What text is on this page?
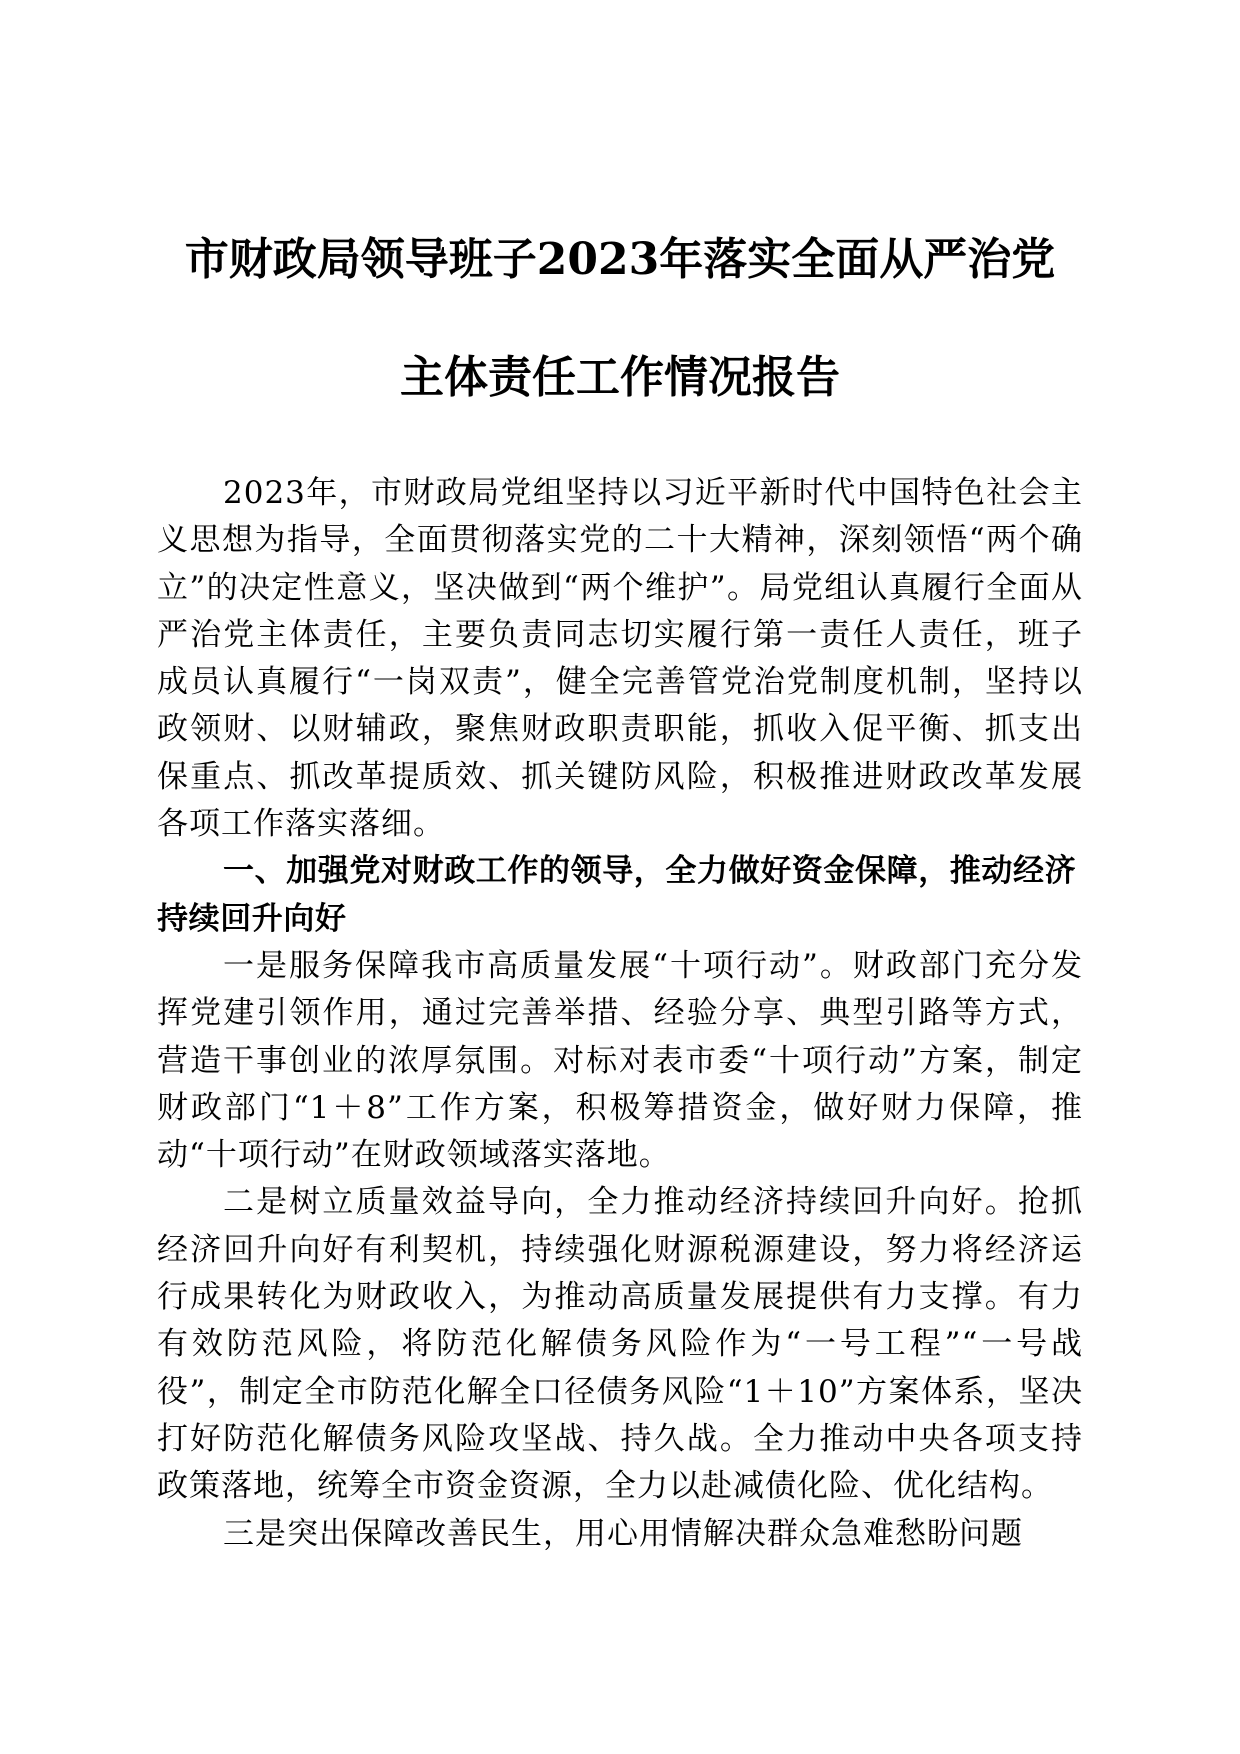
市财政局领导班子2023年落实全面从严治党
主体责任工作情况报告

2023年，市财政局党组坚持以习近平新时代中国特色社会主义思想为指导，全面贯彻落实党的二十大精神，深刻领悟“两个确立”的决定性意义，坚决做到“两个维护”。局党组认真履行全面从严治党主体责任，主要负责同志切实履行第一责任人责任，班子成员认真履行“一岗双责”，健全完善管党治党制度机制，坚持以政领财、以财辅政，聚焦财政职责职能，抓收入促平衡、抓支出保重点、抓改革提质效、抓关键防风险，积极推进财政改革发展各项工作落实落细。

一、加强党对财政工作的领导，全力做好资金保障，推动经济持续回升向好

一是服务保障我市高质量发展“十项行动”。财政部门充分发挥党建引领作用，通过完善举措、经验分享、典型引路等方式，营造干事创业的浓厚氛围。对标对表市委“十项行动”方案，制定财政部门“1＋8”工作方案，积极筹措资金，做好财力保障，推动“十项行动”在财政领域落实落地。

二是树立质量效益导向，全力推动经济持续回升向好。抢抓经济回升向好有利契机，持续强化财源税源建设，努力将经济运行成果转化为财政收入，为推动高质量发展提供有力支撑。有力有效防范风险，将防范化解债务风险作为“一号工程”“一号战役”，制定全市防范化解全口径债务风险“1＋10”方案体系，坚决打好防范化解债务风险攻坚战、持久战。全力推动中央各项支持政策落地，统筹全市资金资源，全力以赴减债化险、优化结构。

三是突出保障改善民生，用心用情解决群众急难愁盼问题
